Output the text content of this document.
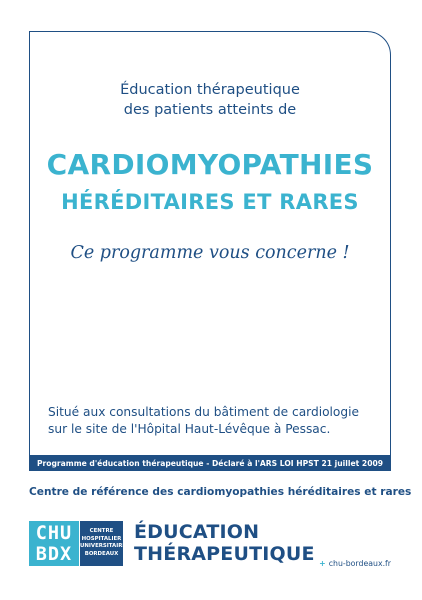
Éducation thérapeutique
des patients atteints de
CARDIOMYOPATHIES
HÉRÉDITAIRES ET RARES
Ce programme vous concerne !
Situé aux consultations du bâtiment de cardiologie
sur le site de l'Hôpital Haut-Lévêque à Pessac.
Programme d'éducation thérapeutique - Déclaré à l'ARS LOI HPST 21 juillet 2009
Centre de référence des cardiomyopathies héréditaires et rares
CHU
BDX
CENTRE
HOSPITALIER
UNIVERSITAIRE
BORDEAUX
ÉDUCATION
THÉRAPEUTIQUE + chu-bordeaux.fr
